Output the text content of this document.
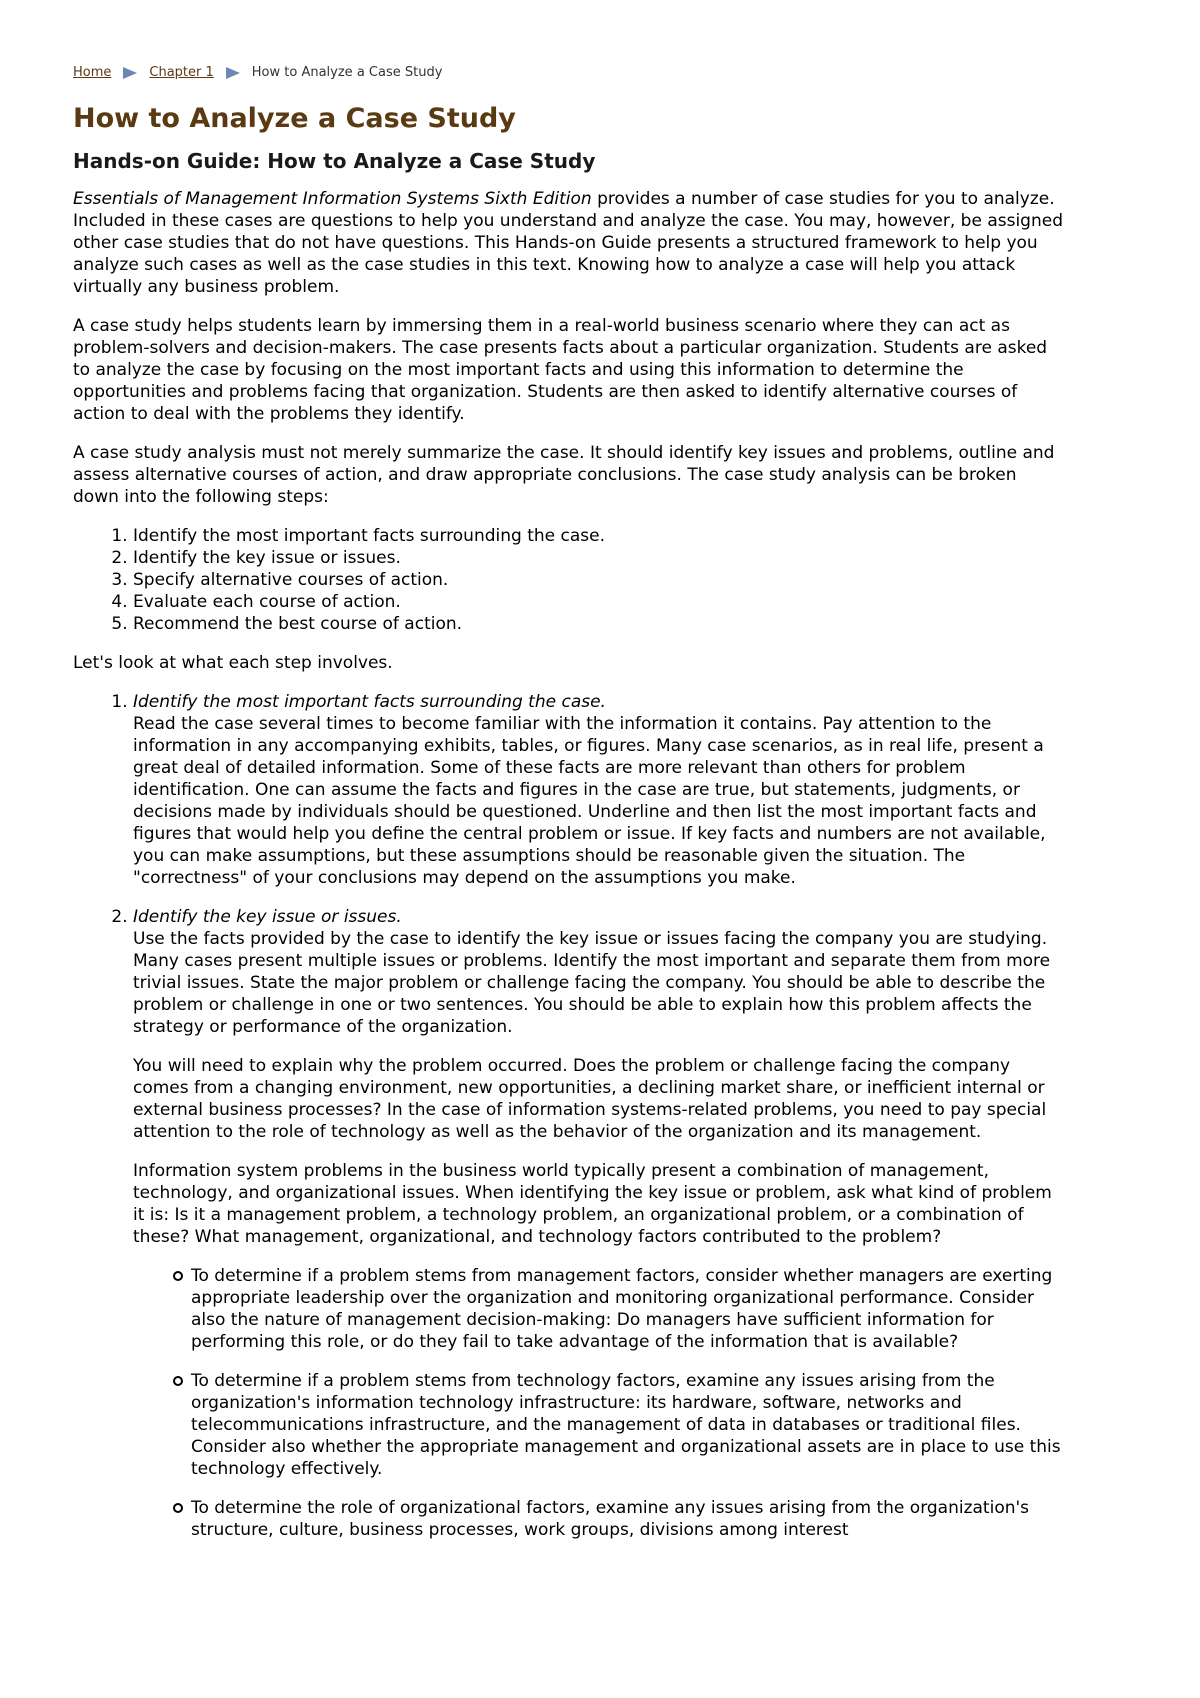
Home	Chapter 1	How to Analyze a Case Study
How to Analyze a Case Study
Hands-on Guide: How to Analyze a Case Study

Essentials of Management Information Systems Sixth Edition provides a number of case studies for you to analyze. Included in these cases are questions to help you understand and analyze the case. You may, however, be assigned other case studies that do not have questions. This Hands-on Guide presents a structured framework to help you analyze such cases as well as the case studies in this text. Knowing how to analyze a case will help you attack virtually any business problem.

A case study helps students learn by immersing them in a real-world business scenario where they can act as problem-solvers and decision-makers. The case presents facts about a particular organization. Students are asked to analyze the case by focusing on the most important facts and using this information to determine the opportunities and problems facing that organization. Students are then asked to identify alternative courses of action to deal with the problems they identify.

A case study analysis must not merely summarize the case. It should identify key issues and problems, outline and assess alternative courses of action, and draw appropriate conclusions. The case study analysis can be broken down into the following steps:

1. Identify the most important facts surrounding the case.
2. Identify the key issue or issues.
3. Specify alternative courses of action.
4. Evaluate each course of action.
5. Recommend the best course of action.

Let's look at what each step involves.

1. Identify the most important facts surrounding the case.

Read the case several times to become familiar with the information it contains. Pay attention to the information in any accompanying exhibits, tables, or figures. Many case scenarios, as in real life, present a great deal of detailed information. Some of these facts are more relevant than others for problem identification. One can assume the facts and figures in the case are true, but statements, judgments, or decisions made by individuals should be questioned. Underline and then list the most important facts and figures that would help you define the central problem or issue. If key facts and numbers are not available, you can make assumptions, but these assumptions should be reasonable given the situation. The "correctness" of your conclusions may depend on the assumptions you make.

2. Identify the key issue or issues.

Use the facts provided by the case to identify the key issue or issues facing the company you are studying. Many cases present multiple issues or problems. Identify the most important and separate them from more trivial issues. State the major problem or challenge facing the company. You should be able to describe the problem or challenge in one or two sentences. You should be able to explain how this problem affects the strategy or performance of the organization.

You will need to explain why the problem occurred. Does the problem or challenge facing the company comes from a changing environment, new opportunities, a declining market share, or inefficient internal or external business processes? In the case of information systems-related problems, you need to pay special attention to the role of technology as well as the behavior of the organization and its management.

Information system problems in the business world typically present a combination of management, technology, and organizational issues. When identifying the key issue or problem, ask what kind of problem it is: Is it a management problem, a technology problem, an organizational problem, or a combination of these? What management, organizational, and technology factors contributed to the problem?

To determine if a problem stems from management factors, consider whether managers are exerting appropriate leadership over the organization and monitoring organizational performance. Consider also the nature of management decision-making: Do managers have sufficient information for performing this role, or do they fail to take advantage of the information that is available?
To determine if a problem stems from technology factors, examine any issues arising from the organization's information technology infrastructure: its hardware, software, networks and telecommunications infrastructure, and the management of data in databases or traditional files. Consider also whether the appropriate management and organizational assets are in place to use this technology effectively.
To determine the role of organizational factors, examine any issues arising from the organization's structure, culture, business processes, work groups, divisions among interest
